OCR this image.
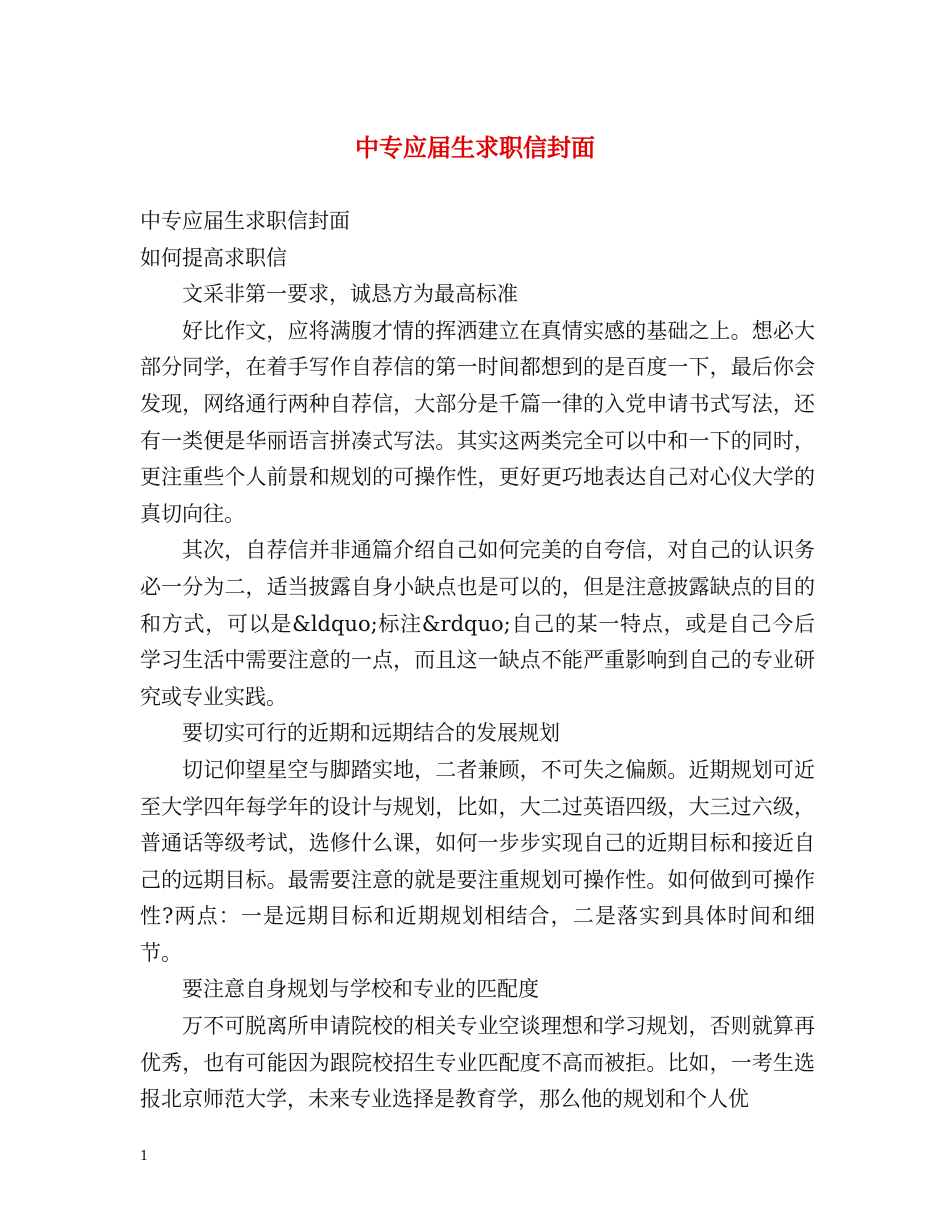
中专应届生求职信封面

中专应届生求职信封面

如何提高求职信

文采非第一要求，诚恳方为最高标准

好比作文，应将满腹才情的挥洒建立在真情实感的基础之上。想必大部分同学，在着手写作自荐信的第一时间都想到的是百度一下，最后你会发现，网络通行两种自荐信，大部分是千篇一律的入党申请书式写法，还有一类便是华丽语言拼凑式写法。其实这两类完全可以中和一下的同时，更注重些个人前景和规划的可操作性，更好更巧地表达自己对心仪大学的真切向往。

其次，自荐信并非通篇介绍自己如何完美的自夸信，对自己的认识务必一分为二，适当披露自身小缺点也是可以的，但是注意披露缺点的目的和方式，可以是&ldquo;标注&rdquo;自己的某一特点，或是自己今后学习生活中需要注意的一点，而且这一缺点不能严重影响到自己的专业研究或专业实践。

要切实可行的近期和远期结合的发展规划

切记仰望星空与脚踏实地，二者兼顾，不可失之偏颇。近期规划可近至大学四年每学年的设计与规划，比如，大二过英语四级，大三过六级，普通话等级考试，选修什么课，如何一步步实现自己的近期目标和接近自己的远期目标。最需要注意的就是要注重规划可操作性。如何做到可操作性?两点：一是远期目标和近期规划相结合，二是落实到具体时间和细节。

要注意自身规划与学校和专业的匹配度

万不可脱离所申请院校的相关专业空谈理想和学习规划，否则就算再优秀，也有可能因为跟院校招生专业匹配度不高而被拒。比如，一考生选报北京师范大学，未来专业选择是教育学，那么他的规划和个人优

1
